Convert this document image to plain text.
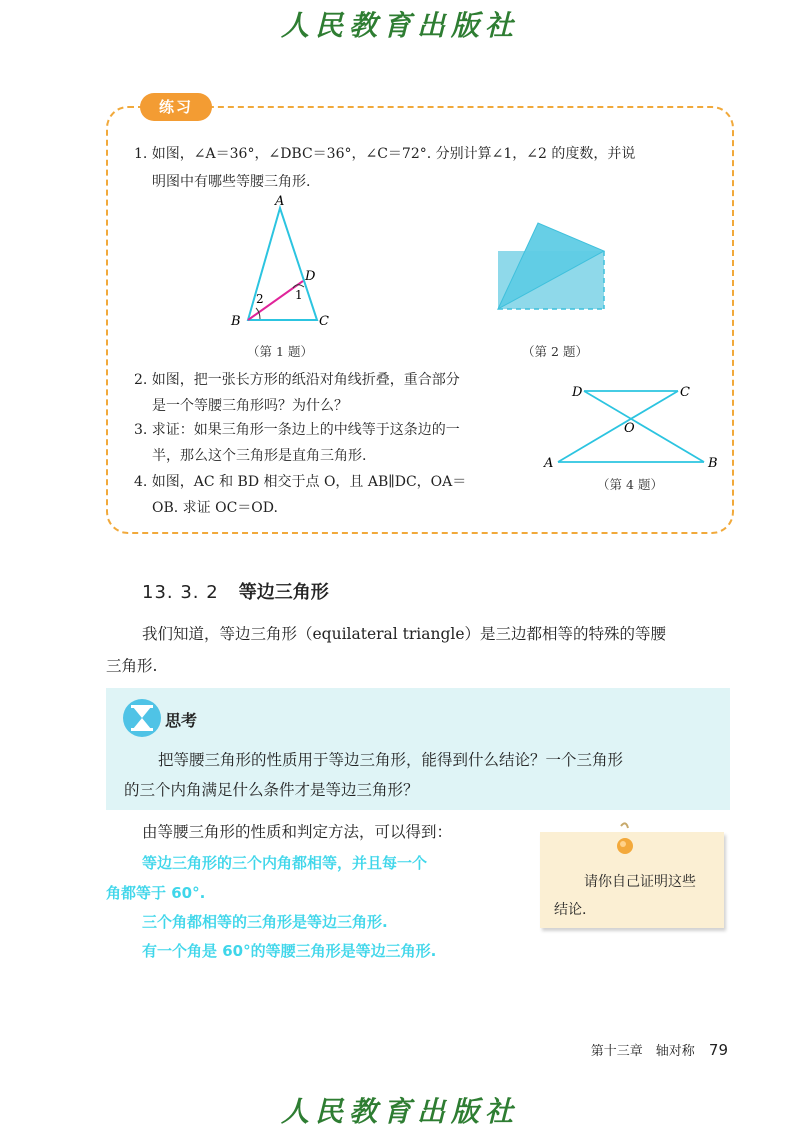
人民教育出版社
练习
1. 如图，∠A＝36°，∠DBC＝36°，∠C＝72°. 分别计算∠1，∠2 的度数，并说
明图中有哪些等腰三角形.
A
B	C
D
1
2
（第 1 题）	（第 2 题）
2. 如图，把一张长方形的纸沿对角线折叠，重合部分
是一个等腰三角形吗？为什么？
3. 求证：如果三角形一条边上的中线等于这条边的一
半，那么这个三角形是直角三角形.
4. 如图，AC 和 BD 相交于点 O，且 AB∥DC，OA＝
OB. 求证 OC＝OD.
D	C
A	B
O
（第 4 题）
13. 3. 2 等边三角形
我们知道，等边三角形（equilateral triangle）是三边都相等的特殊的等腰
三角形.
思考
把等腰三角形的性质用于等边三角形，能得到什么结论？一个三角形
的三个内角满足什么条件才是等边三角形？
由等腰三角形的性质和判定方法，可以得到：
等边三角形的三个内角都相等，并且每一个
角都等于 60°.
三个角都相等的三角形是等边三角形.
有一个角是 60°的等腰三角形是等边三角形.
请你自己证明这些
结论.
第十三章　轴对称 79
人民教育出版社
